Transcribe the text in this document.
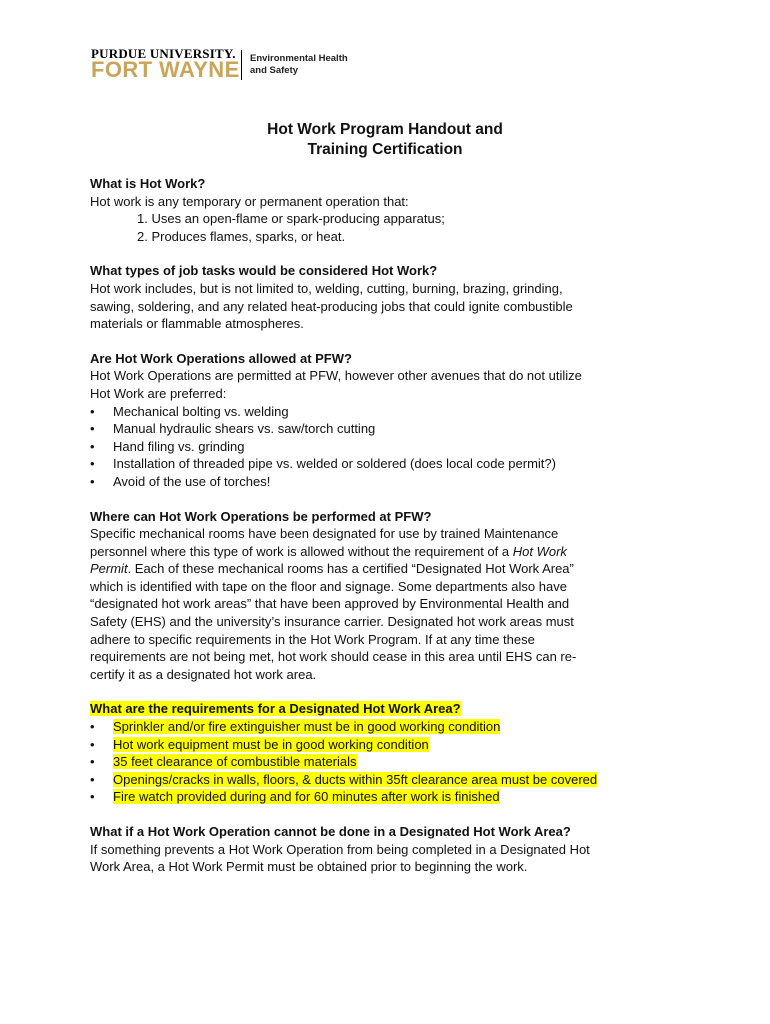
PURDUE UNIVERSITY.
FORT WAYNE Environmental Health
and Safety
Hot Work Program Handout and
Training Certification

What is Hot Work?

Hot work is any temporary or permanent operation that:

1. Uses an open-flame or spark-producing apparatus;

2. Produces flames, sparks, or heat.

What types of job tasks would be considered Hot Work?

Hot work includes, but is not limited to, welding, cutting, burning, brazing, grinding,

sawing, soldering, and any related heat-producing jobs that could ignite combustible

materials or flammable atmospheres.

Are Hot Work Operations allowed at PFW?

Hot Work Operations are permitted at PFW, however other avenues that do not utilize

Hot Work are preferred:

• Mechanical bolting vs. welding
• Manual hydraulic shears vs. saw/torch cutting
• Hand filing vs. grinding
• Installation of threaded pipe vs. welded or soldered (does local code permit?)
• Avoid of the use of torches!

Where can Hot Work Operations be performed at PFW?

Specific mechanical rooms have been designated for use by trained Maintenance

personnel where this type of work is allowed without the requirement of a Hot Work

Permit. Each of these mechanical rooms has a certified “Designated Hot Work Area”

which is identified with tape on the floor and signage. Some departments also have

“designated hot work areas” that have been approved by Environmental Health and

Safety (EHS) and the university’s insurance carrier. Designated hot work areas must

adhere to specific requirements in the Hot Work Program. If at any time these

requirements are not being met, hot work should cease in this area until EHS can re-

certify it as a designated hot work area.

What are the requirements for a Designated Hot Work Area?

• Sprinkler and/or fire extinguisher must be in good working condition
• Hot work equipment must be in good working condition
• 35 feet clearance of combustible materials
• Openings/cracks in walls, floors, & ducts within 35ft clearance area must be covered
• Fire watch provided during and for 60 minutes after work is finished

What if a Hot Work Operation cannot be done in a Designated Hot Work Area?

If something prevents a Hot Work Operation from being completed in a Designated Hot

Work Area, a Hot Work Permit must be obtained prior to beginning the work.
